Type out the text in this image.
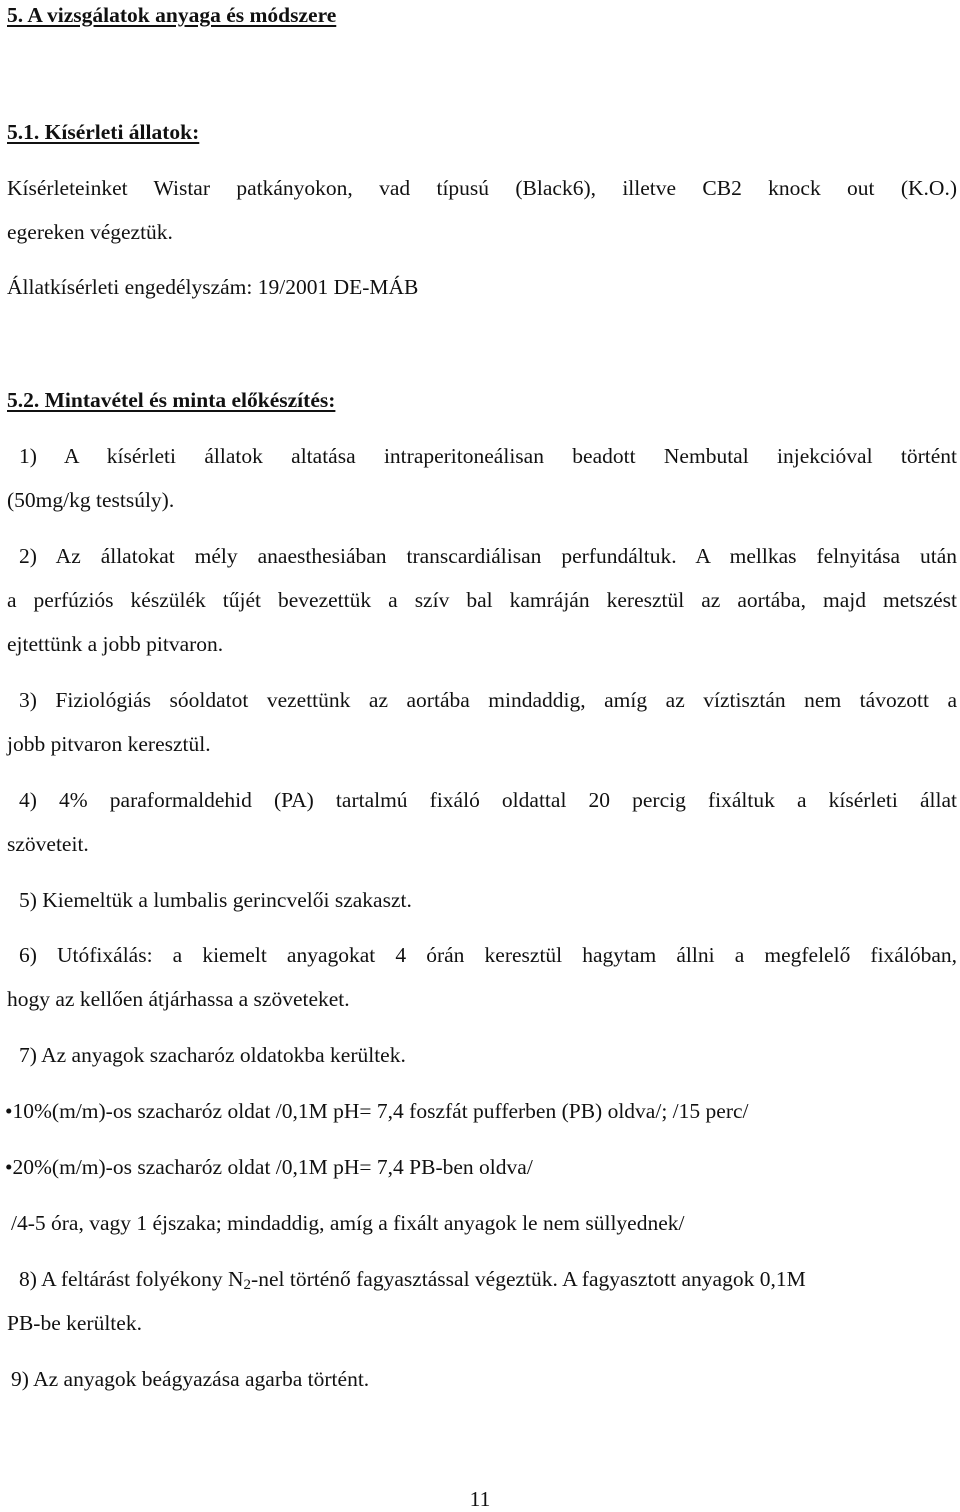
5. A vizsgálatok anyaga és módszere
5.1. Kísérleti állatok:
Kísérleteinket Wistar patkányokon, vad típusú (Black6), illetve CB2 knock out (K.O.)
egereken végeztük.
Állatkísérleti engedélyszám: 19/2001 DE-MÁB
5.2. Mintavétel és minta előkészítés:
1) A kísérleti állatok altatása intraperitoneálisan beadott Nembutal injekcióval történt
(50mg/kg testsúly).
2) Az állatokat mély anaesthesiában transcardiálisan perfundáltuk. A mellkas felnyitása után
a perfúziós készülék tűjét bevezettük a szív bal kamráján keresztül az aortába, majd metszést
ejtettünk a jobb pitvaron.
3) Fiziológiás sóoldatot vezettünk az aortába mindaddig, amíg az víztisztán nem távozott a
jobb pitvaron keresztül.
4) 4% paraformaldehid (PA) tartalmú fixáló oldattal 20 percig fixáltuk a kísérleti állat
szöveteit.
5) Kiemeltük a lumbalis gerincvelői szakaszt.
6) Utófixálás: a kiemelt anyagokat 4 órán keresztül hagytam állni a megfelelő fixálóban,
hogy az kellően átjárhassa a szöveteket.
7) Az anyagok szacharóz oldatokba kerültek.
•10%(m/m)-os szacharóz oldat /0,1M pH= 7,4 foszfát pufferben (PB) oldva/; /15 perc/
•20%(m/m)-os szacharóz oldat /0,1M pH= 7,4 PB-ben oldva/
/4-5 óra, vagy 1 éjszaka; mindaddig, amíg a fixált anyagok le nem süllyednek/
8) A feltárást folyékony $N_2$-nel történő fagyasztással végeztük. A fagyasztott anyagok 0,1M
PB-be kerültek.
9) Az anyagok beágyazása agarba történt.
11
